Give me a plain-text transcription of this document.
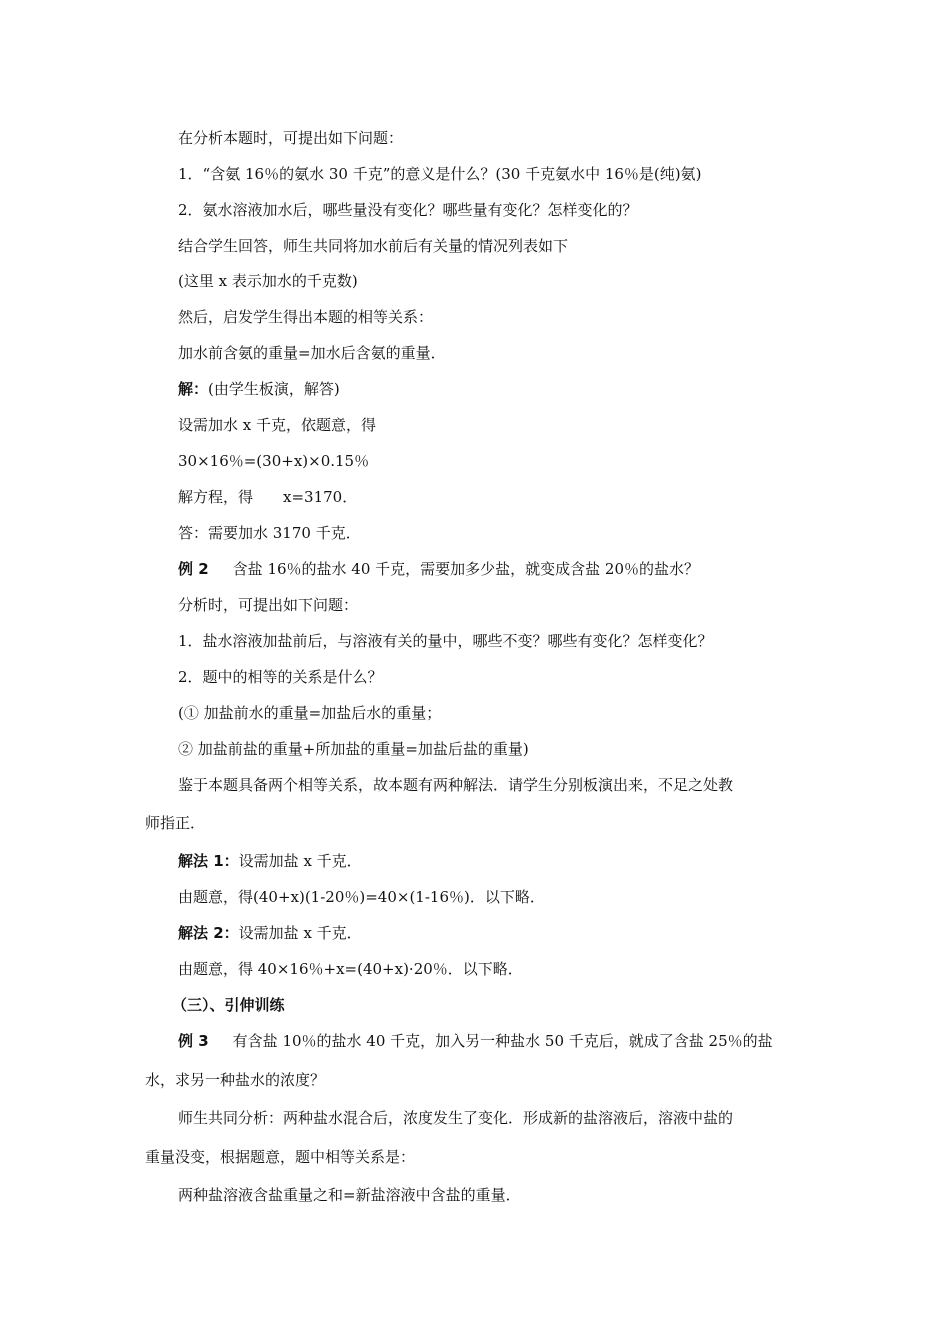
在分析本题时，可提出如下问题：
1．“含氨 16％的氨水 30 千克”的意义是什么？(30 千克氨水中 16％是(纯)氨)
2．氨水溶液加水后，哪些量没有变化？哪些量有变化？怎样变化的？
结合学生回答，师生共同将加水前后有关量的情况列表如下
(这里 x 表示加水的千克数)
然后，启发学生得出本题的相等关系：
加水前含氨的重量=加水后含氨的重量．
解：(由学生板演，解答)
设需加水 x 千克，依题意，得
30×16％=(30+x)×0.15％
解方程，得 x=3170．
答：需要加水 3170 千克．
例 2 含盐 16％的盐水 40 千克，需要加多少盐，就变成含盐 20％的盐水？
分析时，可提出如下问题：
1．盐水溶液加盐前后，与溶液有关的量中，哪些不变？哪些有变化？怎样变化？
2．题中的相等的关系是什么？
(① 加盐前水的重量=加盐后水的重量；
② 加盐前盐的重量+所加盐的重量=加盐后盐的重量)
鉴于本题具备两个相等关系，故本题有两种解法．请学生分别板演出来，不足之处教
师指正．
解法 1：设需加盐 x 千克．
由题意，得(40+x)(1-20％)=40×(1-16％)．以下略．
解法 2：设需加盐 x 千克．
由题意，得 40×16％+x=(40+x)·20％．以下略．
（三）、引伸训练
例 3 有含盐 10％的盐水 40 千克，加入另一种盐水 50 千克后，就成了含盐 25％的盐
水，求另一种盐水的浓度？
师生共同分析：两种盐水混合后，浓度发生了变化．形成新的盐溶液后，溶液中盐的
重量没变，根据题意，题中相等关系是：
两种盐溶液含盐重量之和=新盐溶液中含盐的重量．
